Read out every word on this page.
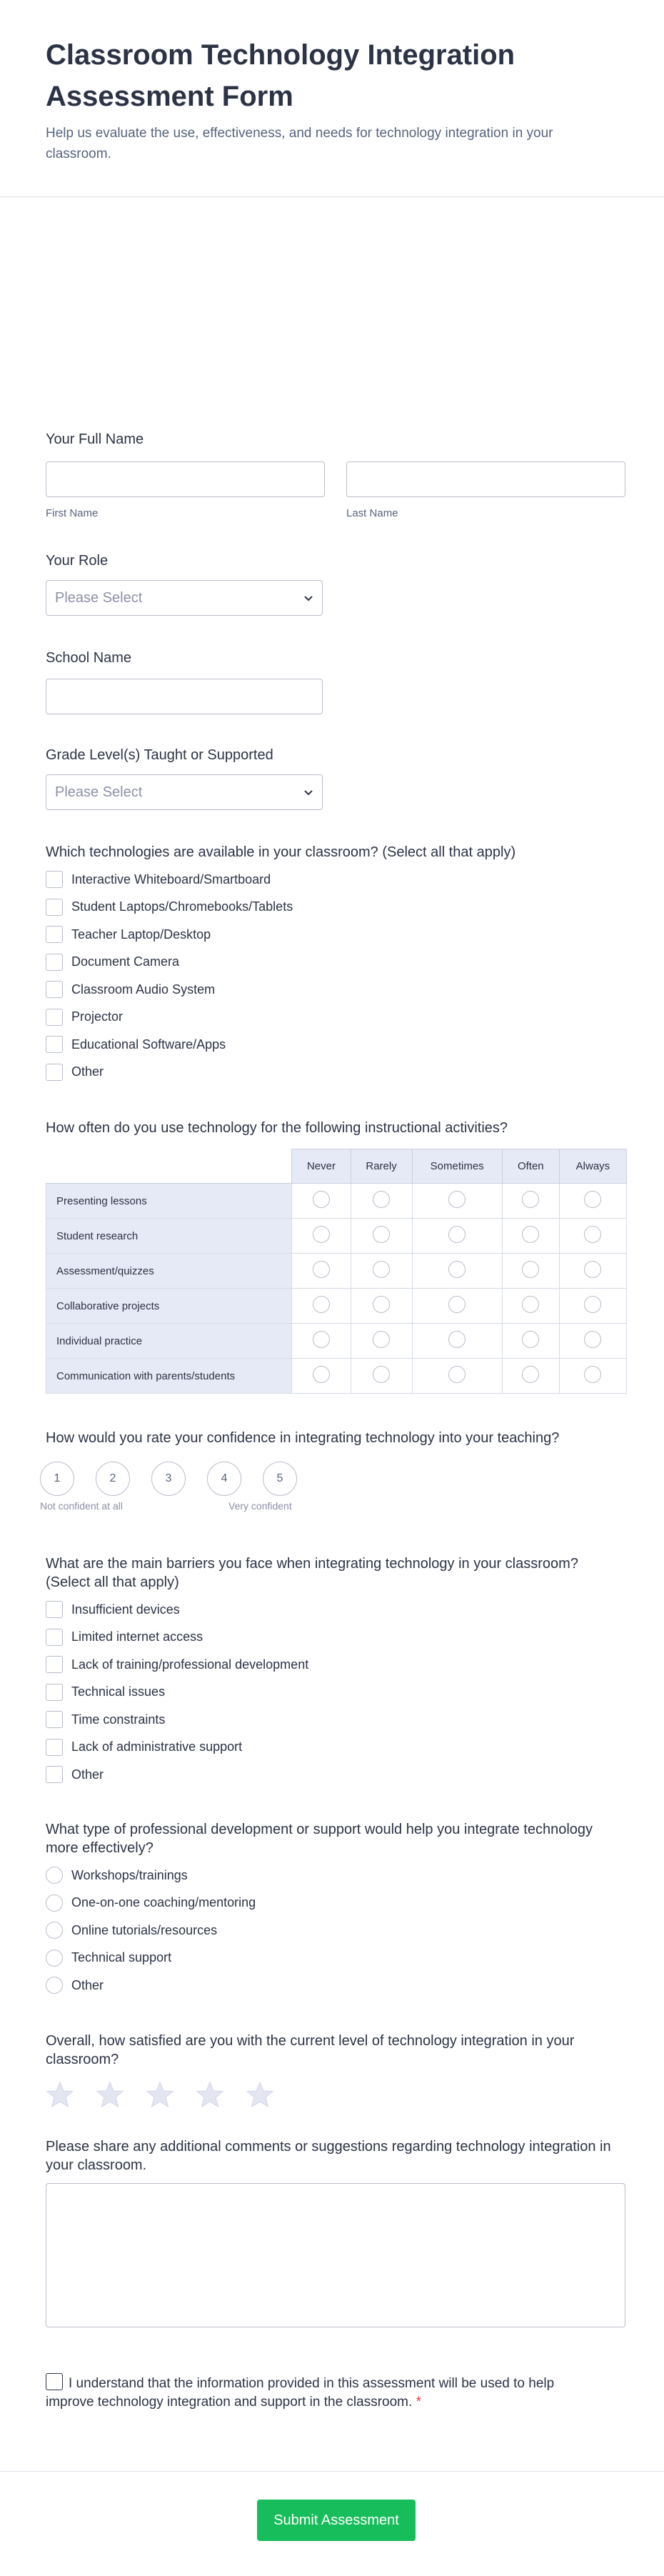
Classroom Technology Integration Assessment Form

Help us evaluate the use, effectiveness, and needs for technology integration in your classroom.

Your Full Name
First Name	Last Name
Your Role
Please Select
School Name
Grade Level(s) Taught or Supported
Please Select
Which technologies are available in your classroom? (Select all that apply)
Interactive Whiteboard/Smartboard
Student Laptops/Chromebooks/Tablets
Teacher Laptop/Desktop
Document Camera
Classroom Audio System
Projector
Educational Software/Apps
Other
How often do you use technology for the following instructional activities?
	Never	Rarely	Sometimes	Often	Always
Presenting lessons					
Student research					
Assessment/quizzes					
Collaborative projects					
Individual practice					
Communication with parents/students					
How would you rate your confidence in integrating technology into your teaching?
1	2	3	4	5
Not confident at all	Very confident
What are the main barriers you face when integrating technology in your classroom? (Select all that apply)
Insufficient devices
Limited internet access
Lack of training/professional development
Technical issues
Time constraints
Lack of administrative support
Other
What type of professional development or support would help you integrate technology more effectively?
Workshops/trainings
One-on-one coaching/mentoring
Online tutorials/resources
Technical support
Other
Overall, how satisfied are you with the current level of technology integration in your classroom?
Please share any additional comments or suggestions regarding technology integration in your classroom.
I understand that the information provided in this assessment will be used to help improve technology integration and support in the classroom. *
Submit Assessment
